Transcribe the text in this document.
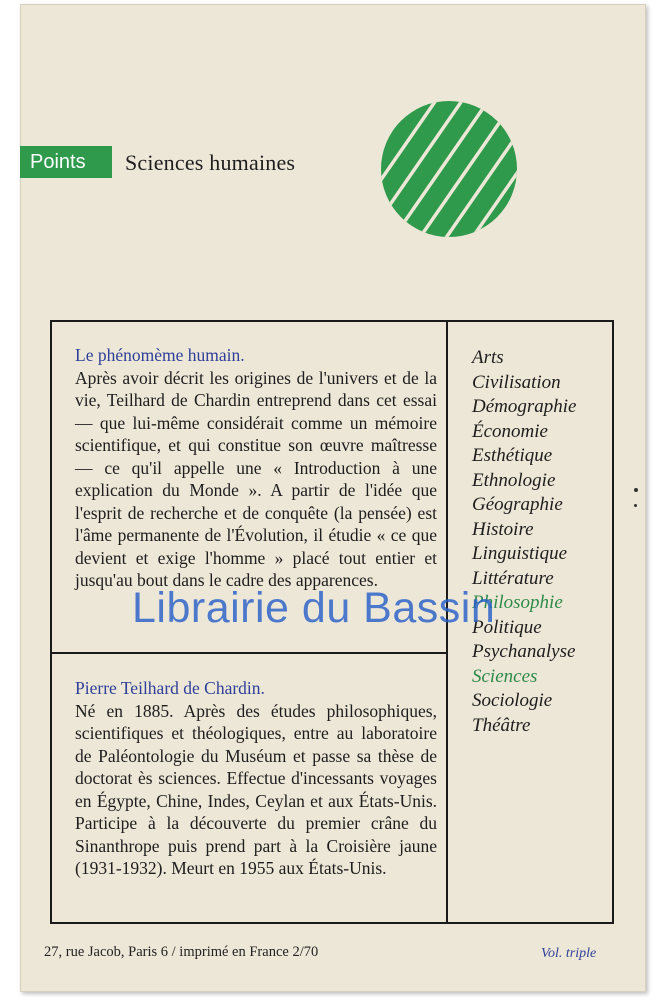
Points	Sciences humaines
Le phénomème humain.
Après avoir décrit les origines de l'univers et de la vie, Teilhard de Chardin entreprend dans cet essai — que lui-même considérait comme un mémoire scientifique, et qui constitue son œuvre maîtresse — ce qu'il appelle une « Introduction à une explication du Monde ». A partir de l'idée que l'esprit de recherche et de conquête (la pensée) est l'âme permanente de l'Évolution, il étudie « ce que devient et exige l'homme » placé tout entier et jusqu'au bout dans le cadre des apparences.
Pierre Teilhard de Chardin.
Né en 1885. Après des études philosophiques, scientifiques et théologiques, entre au laboratoire de Paléontologie du Muséum et passe sa thèse de doctorat ès sciences. Effectue d'incessants voyages en Égypte, Chine, Indes, Ceylan et aux États-Unis. Participe à la découverte du premier crâne du Sinanthrope puis prend part à la Croisière jaune (1931-1932). Meurt en 1955 aux États-Unis.
Arts
Civilisation
Démographie
Économie
Esthétique
Ethnologie
Géographie
Histoire
Linguistique
Littérature
Philosophie
Politique
Psychanalyse
Sciences
Sociologie
Théâtre
27, rue Jacob, Paris 6 / imprimé en France 2/70	Vol. triple
Librairie du Bassin
